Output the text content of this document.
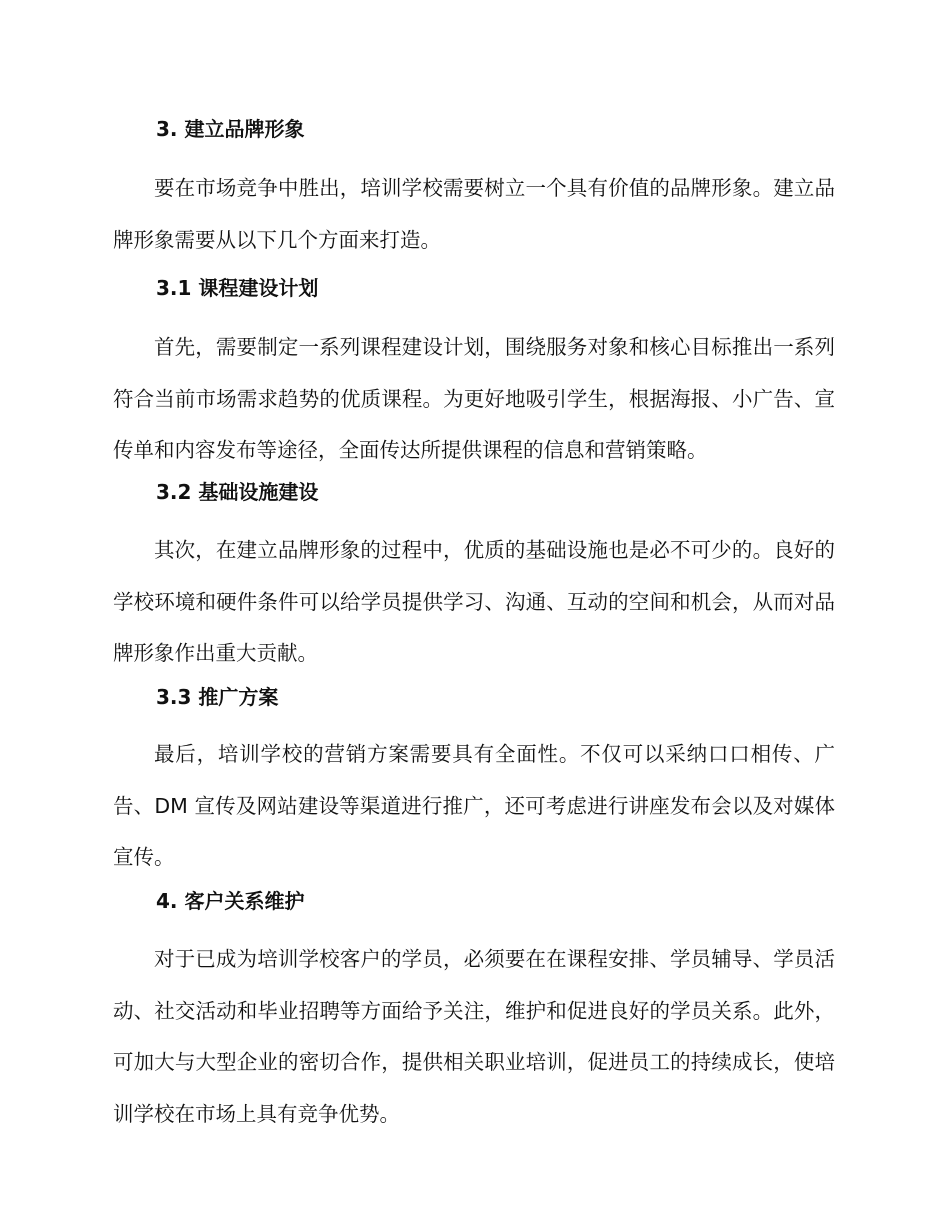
3. 建立品牌形象

要在市场竞争中胜出，培训学校需要树立一个具有价值的品牌形象。建立品牌形象需要从以下几个方面来打造。

3.1 课程建设计划

首先，需要制定一系列课程建设计划，围绕服务对象和核心目标推出一系列符合当前市场需求趋势的优质课程。为更好地吸引学生，根据海报、小广告、宣传单和内容发布等途径，全面传达所提供课程的信息和营销策略。

3.2 基础设施建设

其次，在建立品牌形象的过程中，优质的基础设施也是必不可少的。良好的学校环境和硬件条件可以给学员提供学习、沟通、互动的空间和机会，从而对品牌形象作出重大贡献。

3.3 推广方案

最后，培训学校的营销方案需要具有全面性。不仅可以采纳口口相传、广告、DM 宣传及网站建设等渠道进行推广，还可考虑进行讲座发布会以及对媒体宣传。

4. 客户关系维护

对于已成为培训学校客户的学员，必须要在在课程安排、学员辅导、学员活动、社交活动和毕业招聘等方面给予关注，维护和促进良好的学员关系。此外，可加大与大型企业的密切合作，提供相关职业培训，促进员工的持续成长，使培训学校在市场上具有竞争优势。
